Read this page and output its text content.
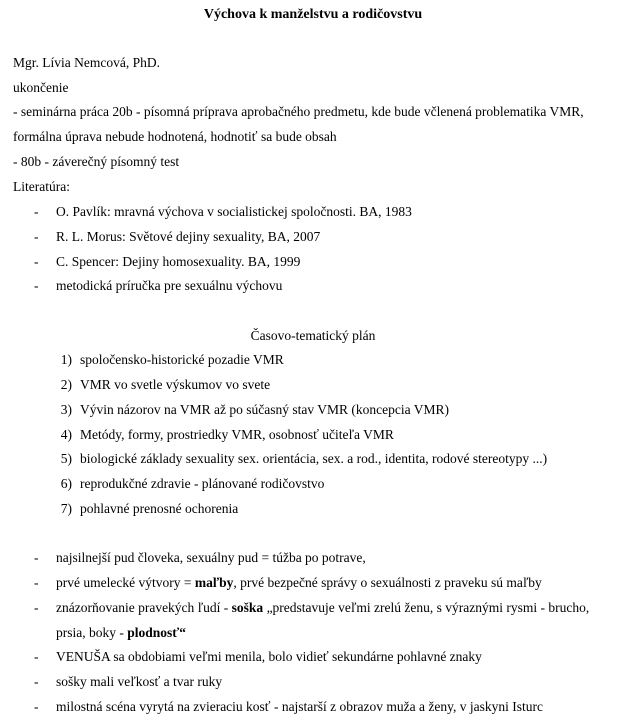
Výchova k manželstvu a rodičovstvu
Mgr. Lívia Nemcová, PhD.
ukončenie
- seminárna práca 20b - písomná príprava aprobačného predmetu, kde bude včlenená problematika VMR,
formálna úprava nebude hodnotená, hodnotiť sa bude obsah
- 80b - záverečný písomný test
Literatúra:
- O. Pavlík: mravná výchova v socialistickej spoločnosti. BA, 1983
- R. L. Morus: Světové dejiny sexuality, BA, 2007
- C. Spencer: Dejiny homosexuality. BA, 1999
- metodická príručka pre sexuálnu výchovu
Časovo-tematický plán
1) spoločensko-historické pozadie VMR
2) VMR vo svetle výskumov vo svete
3) Vývin názorov na VMR až po súčasný stav VMR (koncepcia VMR)
4) Metódy, formy, prostriedky VMR, osobnosť učiteľa VMR
5) biologické základy sexuality sex. orientácia, sex. a rod., identita, rodové stereotypy ...)
6) reprodukčné zdravie - plánované rodičovstvo
7) pohlavné prenosné ochorenia
- najsilnejší pud človeka, sexuálny pud = túžba po potrave,
- prvé umelecké výtvory = maľby, prvé bezpečné správy o sexuálnosti z praveku sú maľby
- znázorňovanie pravekých ľudí - soška „predstavuje veľmi zrelú ženu, s výraznými rysmi - brucho,
prsia, boky - plodnosť“
- VENUŠA sa obdobiami veľmi menila, bolo vidieť sekundárne pohlavné znaky
- sošky mali veľkosť a tvar ruky
- milostná scéna vyrytá na zvieraciu kosť - najstarší z obrazov muža a ženy, v jaskyni Isturc
